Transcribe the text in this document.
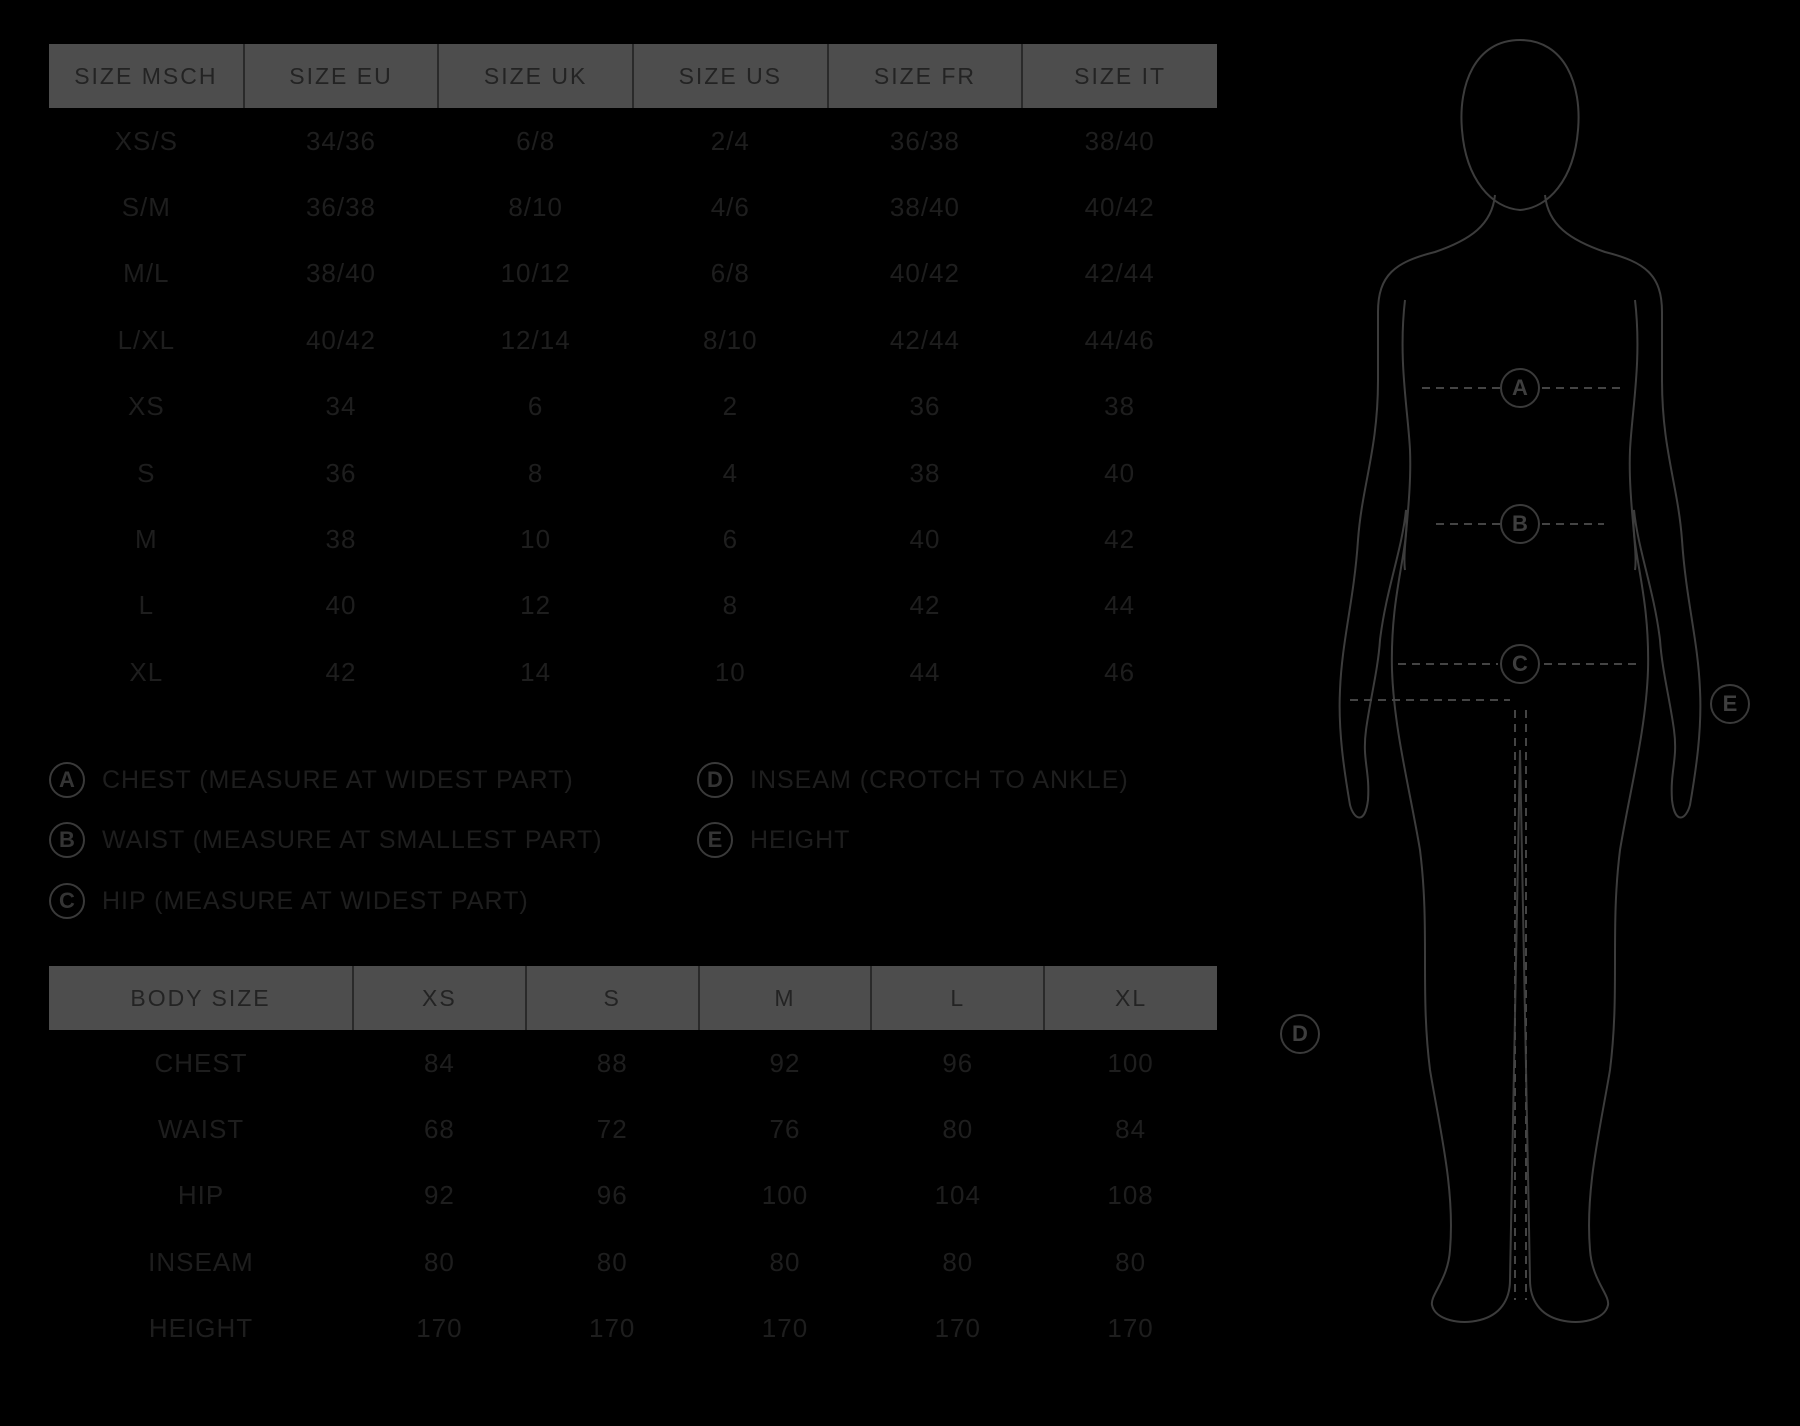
SIZE MSCH	SIZE EU	SIZE UK	SIZE US	SIZE FR	SIZE IT
XS/S	34/36	6/8	2/4	36/38	38/40
S/M	36/38	8/10	4/6	38/40	40/42
M/L	38/40	10/12	6/8	40/42	42/44
L/XL	40/42	12/14	8/10	42/44	44/46
XS	34	6	2	36	38
S	36	8	4	38	40
M	38	10	6	40	42
L	40	12	8	42	44
XL	42	14	10	44	46
A	CHEST (MEASURE AT WIDEST PART)
B	WAIST (MEASURE AT SMALLEST PART)
C	HIP (MEASURE AT WIDEST PART)
D	INSEAM (CROTCH TO ANKLE)
E	HEIGHT
BODY SIZE	XS	S	M	L	XL
CHEST	84	88	92	96	100
WAIST	68	72	76	80	84
HIP	92	96	100	104	108
INSEAM	80	80	80	80	80
HEIGHT	170	170	170	170	170
A
B
C
D
E
